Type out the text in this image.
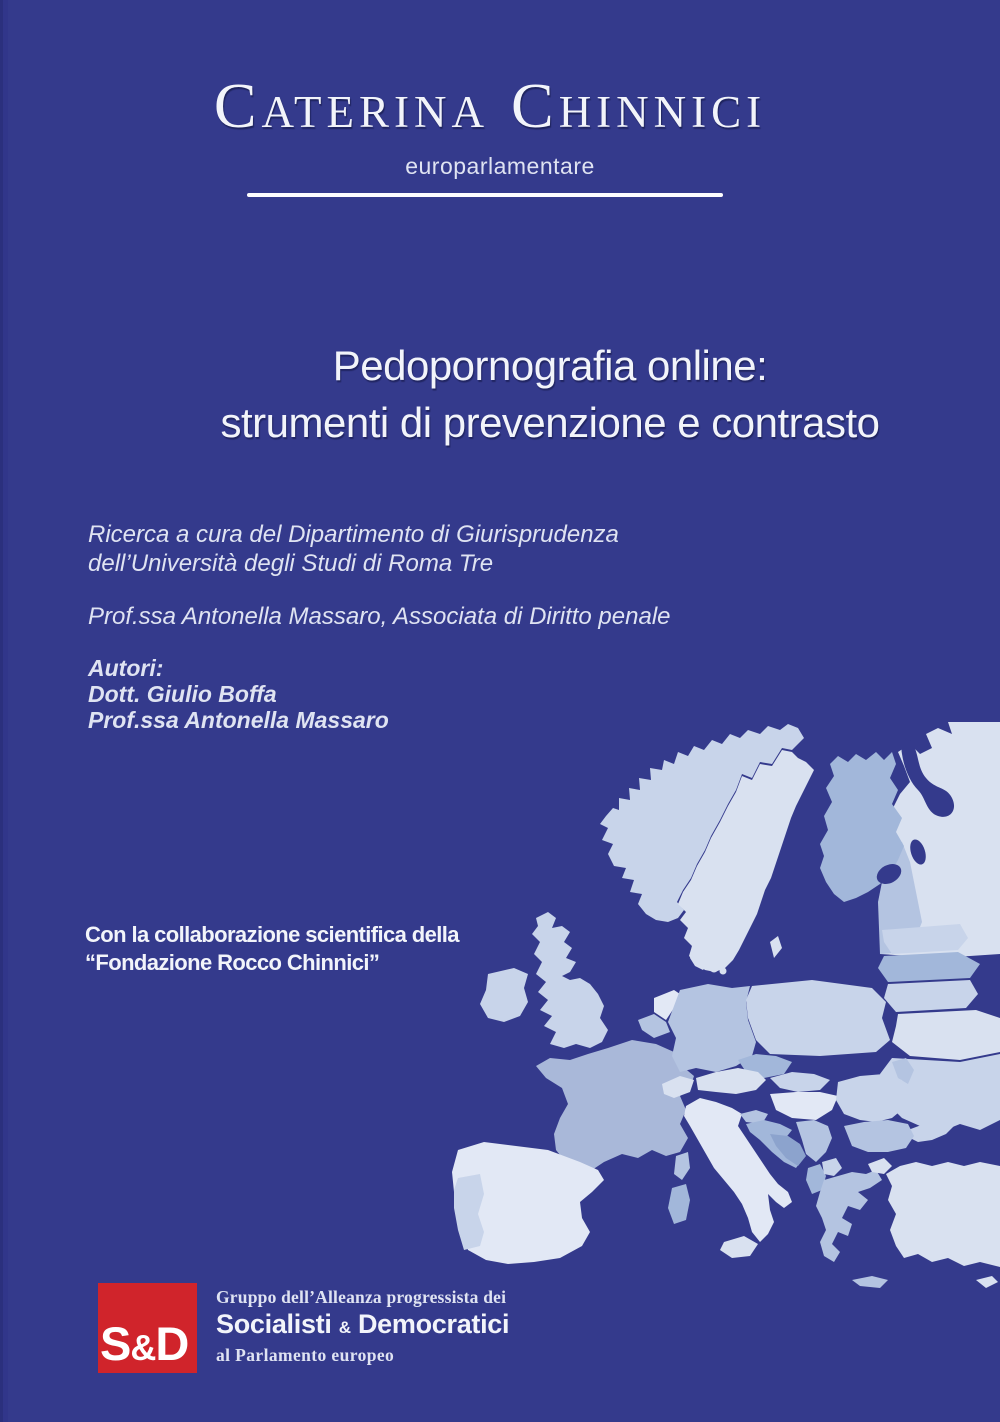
CATERINA CHINNICI
europarlamentare
Pedopornografia online:
strumenti di prevenzione e contrasto
Ricerca a cura del Dipartimento di Giurisprudenza
dell’Università degli Studi di Roma Tre
Prof.ssa Antonella Massaro, Associata di Diritto penale
Autori:
Dott. Giulio Boffa
Prof.ssa Antonella Massaro
Con la collaborazione scientifica della
“Fondazione Rocco Chinnici”
S & D
Gruppo dell’Alleanza progressista dei
Socialisti & Democratici
al Parlamento europeo
